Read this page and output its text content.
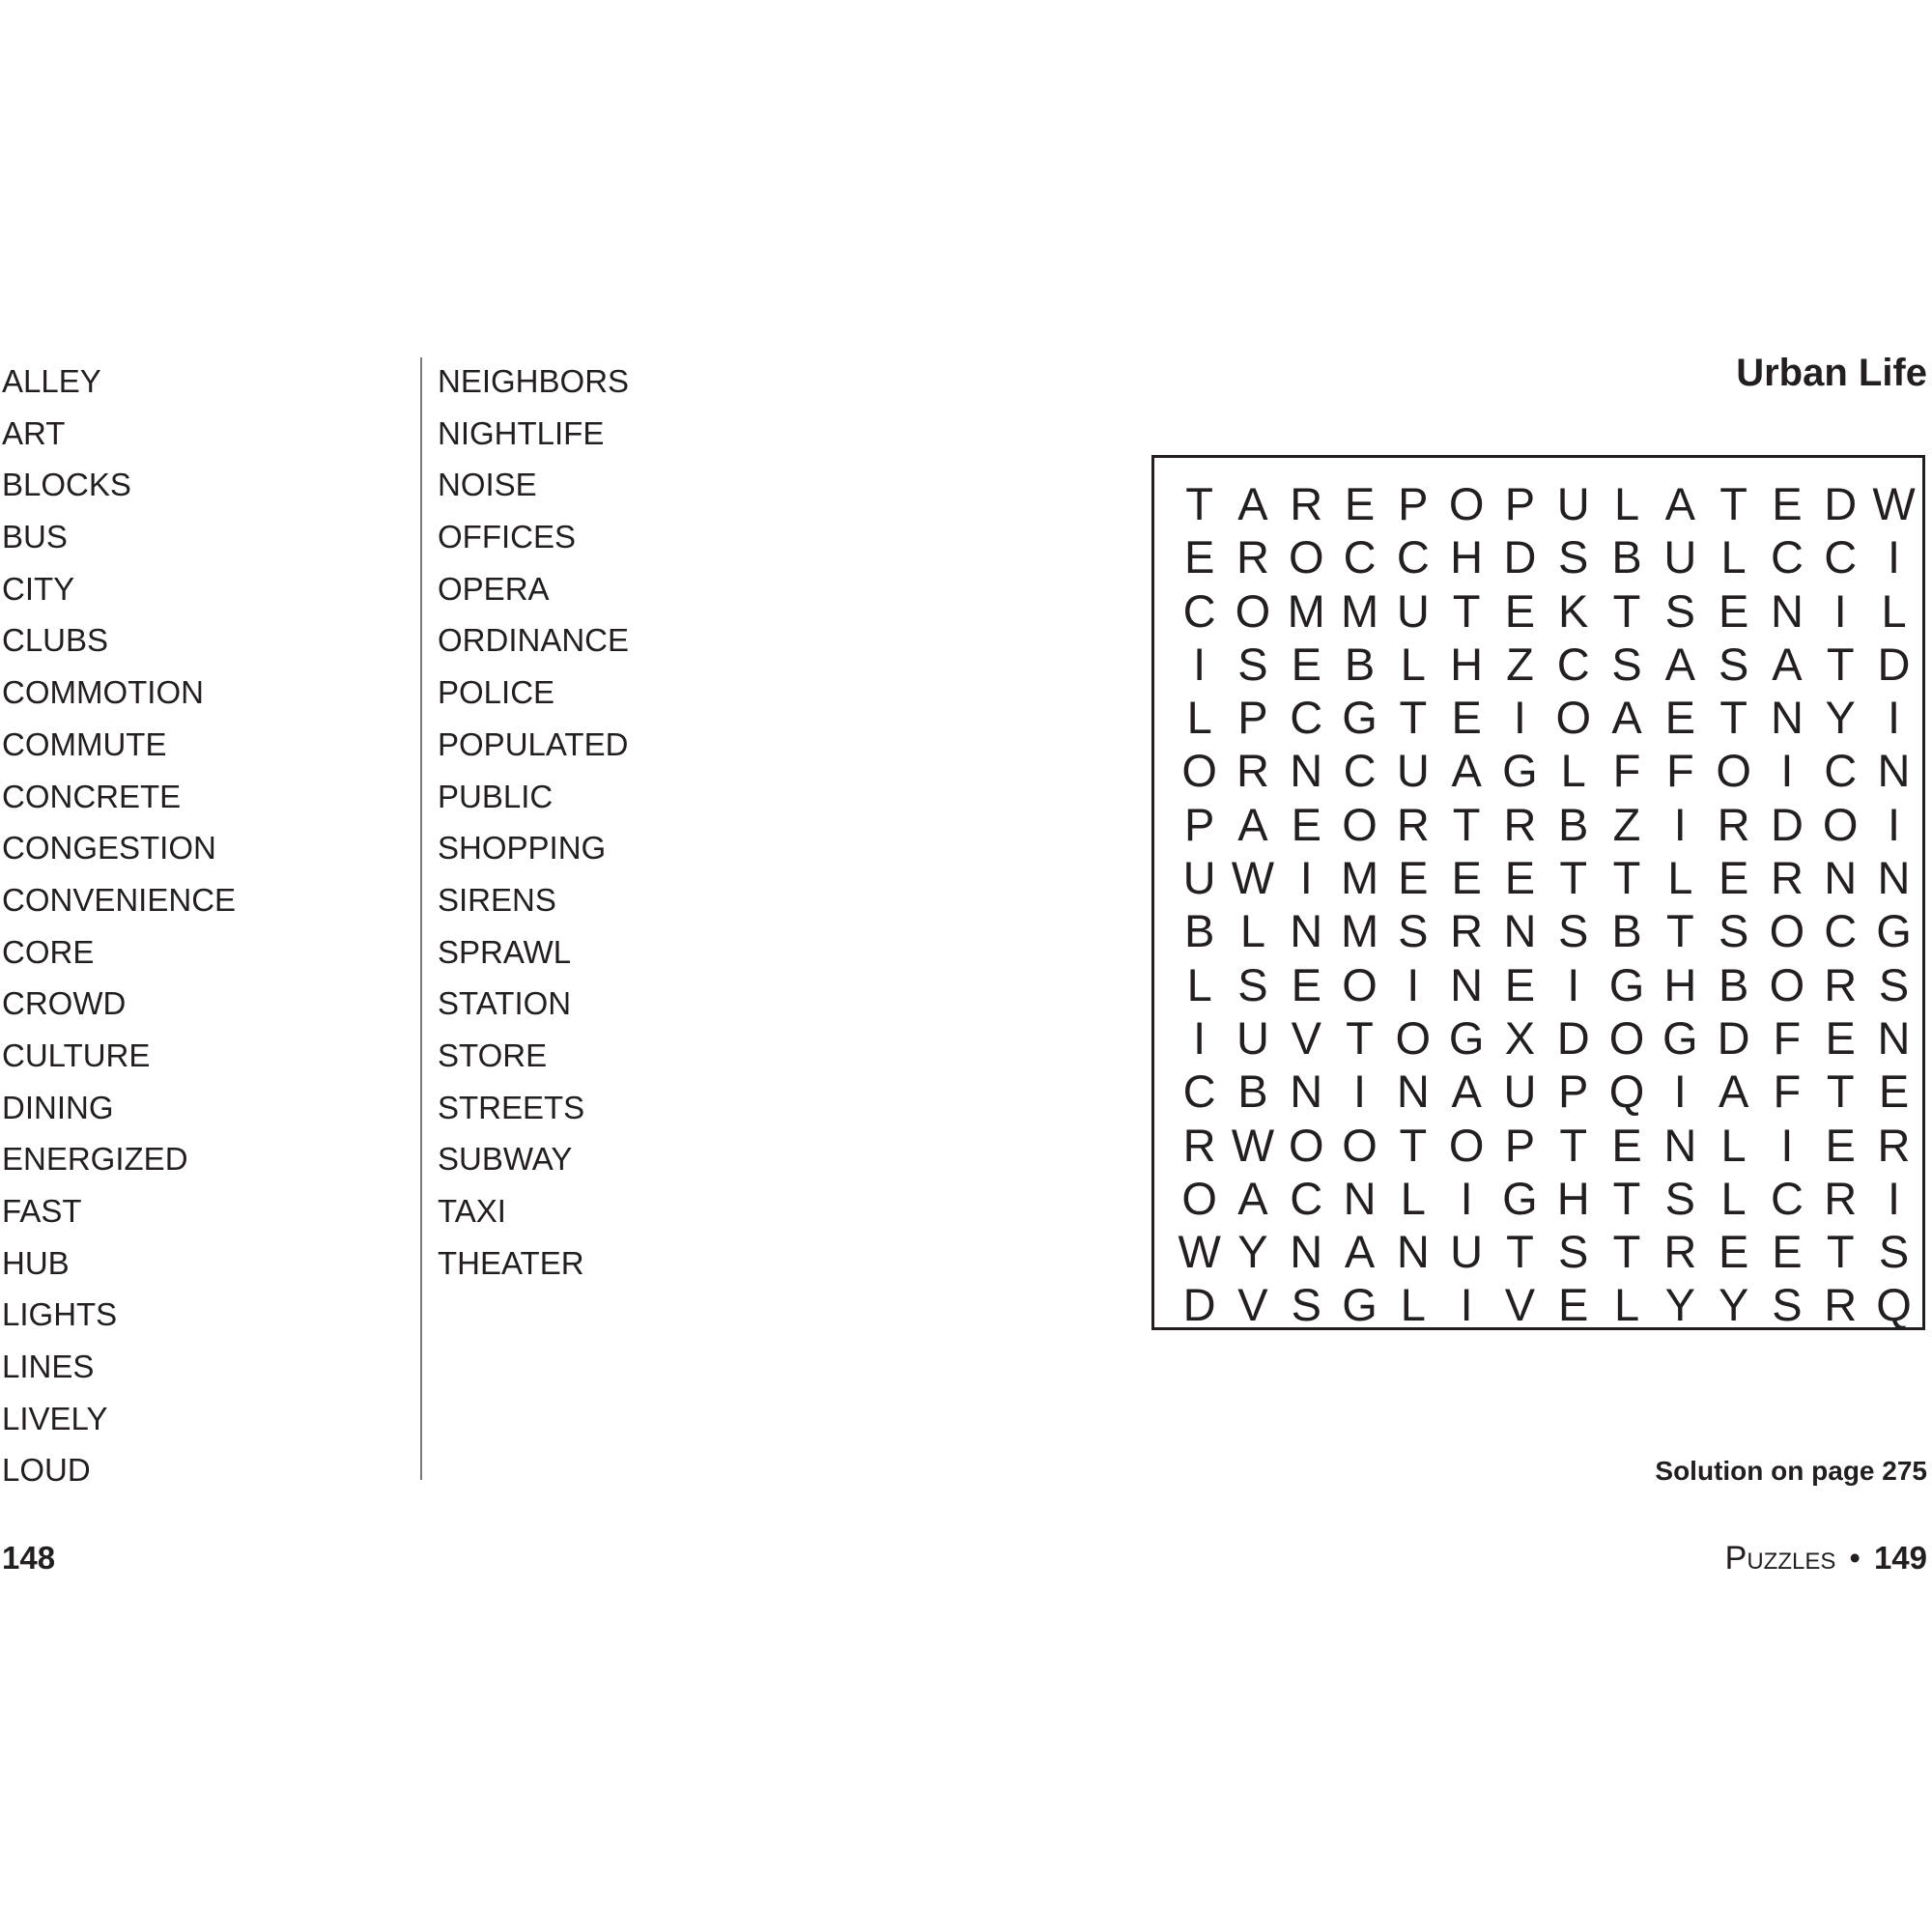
ALLEY
ART
BLOCKS
BUS
CITY
CLUBS
COMMOTION
COMMUTE
CONCRETE
CONGESTION
CONVENIENCE
CORE
CROWD
CULTURE
DINING
ENERGIZED
FAST
HUB
LIGHTS
LINES
LIVELY
LOUD
NEIGHBORS
NIGHTLIFE
NOISE
OFFICES
OPERA
ORDINANCE
POLICE
POPULATED
PUBLIC
SHOPPING
SIRENS
SPRAWL
STATION
STORE
STREETS
SUBWAY
TAXI
THEATER
Urban Life
T A R E P O P U L A T E D W
E R O C C H D S B U L C C I
C O M M U T E K T S E N I L
I S E B L H Z C S A S A T D
L P C G T E I O A E T N Y I
O R N C U A G L F F O I C N
P A E O R T R B Z I R D O I
U W I M E E E T T L E R N N
B L N M S R N S B T S O C G
L S E O I N E I G H B O R S
I U V T O G X D O G D F E N
C B N I N A U P Q I A F T E
R W O O T O P T E N L I E R
O A C N L I G H T S L C R I
W Y N A N U T S T R E E T S
D V S G L I V E L Y Y S R Q
Solution on page 275
148	Puzzles • 149
